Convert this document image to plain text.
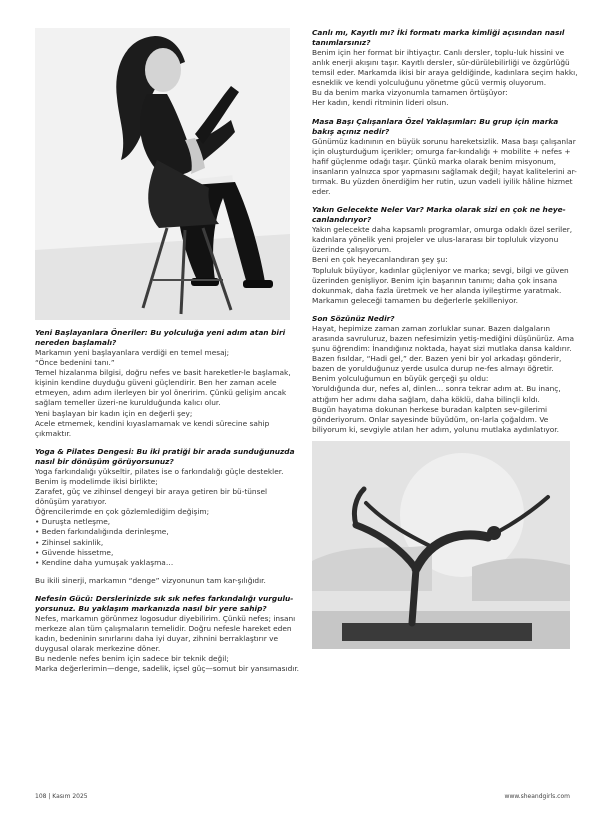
Yeni Başlayanlara Öneriler: Bu yolculuğa yeni adım atan biri nereden başlamalı?

Markamın yeni başlayanlara verdiği en temel mesaj;

“Önce bedenini tanı.”

Temel hizalanma bilgisi, doğru nefes ve basit hareketler-le başlamak, kişinin kendine duyduğu güveni güçlendirir. Ben her zaman acele etmeyen, adım adım ilerleyen bir yol öneririm. Çünkü gelişim ancak sağlam temeller üzeri-ne kurulduğunda kalıcı olur.

Yeni başlayan bir kadın için en değerli şey;

Acele etmemek, kendini kıyaslamamak ve kendi sürecine sahip çıkmaktır.

Yoga & Pilates Dengesi: Bu iki pratiği bir arada sunduğunuzda nasıl bir dönüşüm görüyorsunuz?

Yoga farkındalığı yükseltir, pilates ise o farkındalığı güçle destekler.

Benim iş modelimde ikisi birlikte;

Zarafet, güç ve zihinsel dengeyi bir araya getiren bir bü-tünsel dönüşüm yaratıyor.

Öğrencilerimde en çok gözlemlediğim değişim;

• Duruşta netleşme,

• Beden farkındalığında derinleşme,

• Zihinsel sakinlik,

• Güvende hissetme,

• Kendine daha yumuşak yaklaşma…

Bu ikili sinerji, markamın “denge” vizyonunun tam kar-şılığıdır.

Nefesin Gücü: Derslerinizde sık sık nefes farkındalığı vurgulu-yorsunuz. Bu yaklaşım markanızda nasıl bir yere sahip?

Nefes, markamın görünmez logosudur diyebilirim. Çünkü nefes; insanı merkeze alan tüm çalışmaların temelidir. Doğru nefesle hareket eden kadın, bedeninin sınırlarını daha iyi duyar, zihnini berraklaştırır ve duygusal olarak merkezine döner.

Bu nedenle nefes benim için sadece bir teknik değil;

Marka değerlerimin—denge, sadelik, içsel güç—somut bir yansımasıdır.

Canlı mı, Kayıtlı mı? İki formatı marka kimliği açısından nasıl tanımlarsınız?

Benim için her format bir ihtiyaçtır. Canlı dersler, toplu-luk hissini ve anlık enerji akışını taşır. Kayıtlı dersler, sür-dürülebilirliği ve özgürlüğü temsil eder. Markamda ikisi bir araya geldiğinde, kadınlara seçim hakkı, esneklik ve kendi yolculuğunu yönetme gücü vermiş oluyorum.

Bu da benim marka vizyonumla tamamen örtüşüyor:

Her kadın, kendi ritminin lideri olsun.

Masa Başı Çalışanlara Özel Yaklaşımlar: Bu grup için marka bakış açınız nedir?

Günümüz kadınının en büyük sorunu hareketsizlik. Masa başı çalışanlar için oluşturduğum içerikler; omurga far-kındalığı + mobilite + nefes + hafif güçlenme odağı taşır. Çünkü marka olarak benim misyonum, insanların yalnızca spor yapmasını sağlamak değil; hayat kalitelerini ar-tırmak. Bu yüzden önerdiğim her rutin, uzun vadeli iyilik hâline hizmet eder.

Yakın Gelecekte Neler Var? Marka olarak sizi en çok ne heye-canlandırıyor?

Yakın gelecekte daha kapsamlı programlar, omurga odaklı özel seriler, kadınlara yönelik yeni projeler ve ulus-lararası bir topluluk vizyonu üzerinde çalışıyorum.

Beni en çok heyecanlandıran şey şu:

Topluluk büyüyor, kadınlar güçleniyor ve marka; sevgi, bilgi ve güven üzerinden genişliyor. Benim için başarının tanımı; daha çok insana dokunmak, daha fazla üretmek ve her alanda iyileştirme yaratmak. Markamın geleceği tamamen bu değerlerle şekilleniyor.

Son Sözünüz Nedir?

Hayat, hepimize zaman zaman zorluklar sunar. Bazen dalgaların arasında savruluruz, bazen nefesimizin yetiş-mediğini düşünürüz. Ama şunu öğrendim: İnandığınız noktada, hayat sizi mutlaka dansa kaldırır.

Bazen fısıldar, “Hadi gel,” der. Bazen yeni bir yol arkadaşı gönderir, bazen de yorulduğunuz yerde usulca durup ne-fes almayı öğretir.

Benim yolculuğumun en büyük gerçeği şu oldu:

Yoruldığunda dur, nefes al, dinlen… sonra tekrar adım at. Bu inanç, attığım her adımı daha sağlam, daha köklü, daha bilinçli kıldı.

Bugün hayatıma dokunan herkese buradan kalpten sev-gilerimi gönderiyorum. Onlar sayesinde büyüdüm, on-larla çoğaldım. Ve biliyorum ki, sevgiyle atılan her adım, yolunu mutlaka aydınlatıyor.

108 | Kasım 2025	www.sheandgirls.com
